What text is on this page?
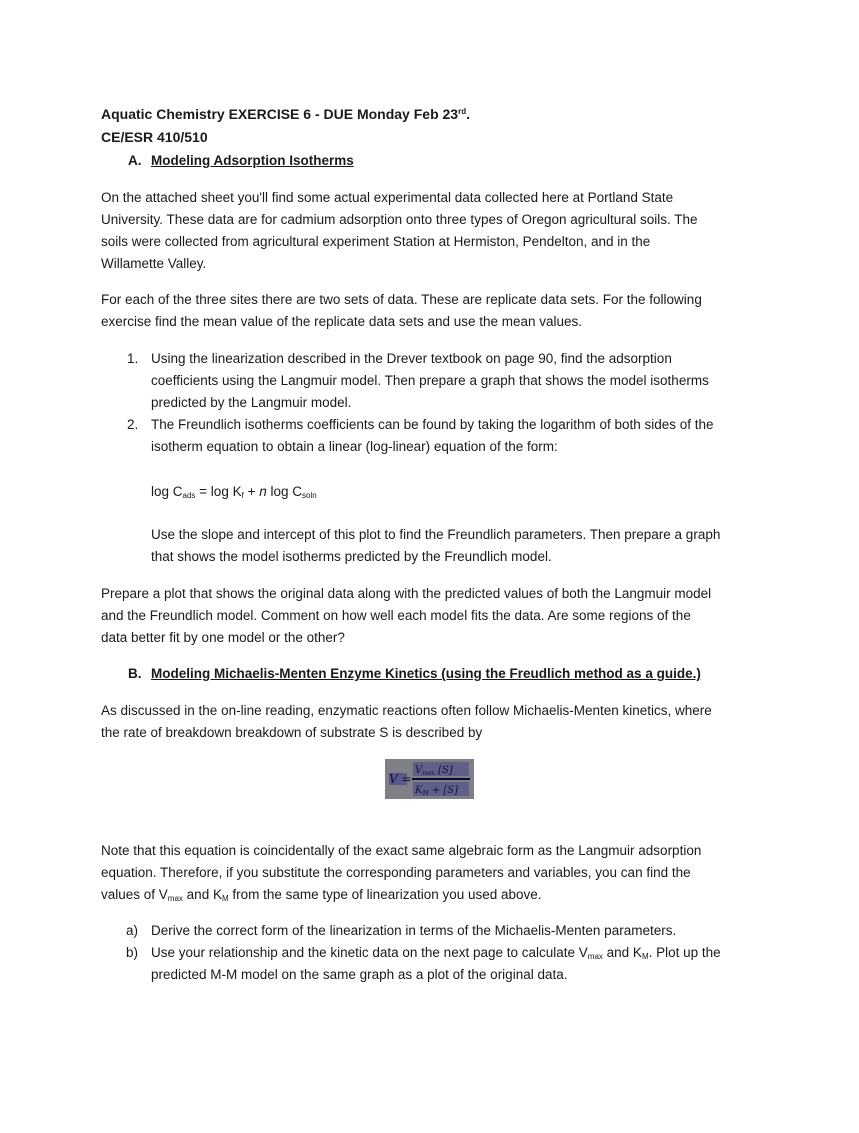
Aquatic Chemistry EXERCISE 6 - DUE Monday Feb 23rd.
CE/ESR 410/510
A. Modeling Adsorption Isotherms
On the attached sheet you'll find some actual experimental data collected here at Portland State
University. These data are for cadmium adsorption onto three types of Oregon agricultural soils. The
soils were collected from agricultural experiment Station at Hermiston, Pendelton, and in the
Willamette Valley.
For each of the three sites there are two sets of data. These are replicate data sets. For the following
exercise find the mean value of the replicate data sets and use the mean values.
1. Using the linearization described in the Drever textbook on page 90, find the adsorption
coefficients using the Langmuir model. Then prepare a graph that shows the model isotherms
predicted by the Langmuir model.
2. The Freundlich isotherms coefficients can be found by taking the logarithm of both sides of the
isotherm equation to obtain a linear (log-linear) equation of the form:
$\log C_{ads} = \log K_f + n$ $\log C_{soln}$
Use the slope and intercept of this plot to find the Freundlich parameters. Then prepare a graph
that shows the model isotherms predicted by the Freundlich model.
Prepare a plot that shows the original data along with the predicted values of both the Langmuir model
and the Freundlich model. Comment on how well each model fits the data. Are some regions of the
data better fit by one model or the other?
B. Modeling Michaelis-Menten Enzyme Kinetics (using the Freudlich method as a guide.)
As discussed in the on-line reading, enzymatic reactions often follow Michaelis-Menten kinetics, where
the rate of breakdown breakdown of substrate S is described by
V =
$V_{max}$ [S]
$K_M + [S]$
Note that this equation is coincidentally of the exact same algebraic form as the Langmuir adsorption
equation. Therefore, if you substitute the corresponding parameters and variables, you can find the
values of $V_{max}$ and $K_M$ from the same type of linearization you used above.
a) Derive the correct form of the linearization in terms of the Michaelis-Menten parameters.
b) Use your relationship and the kinetic data on the next page to calculate $V_{max}$ and $K_M$. Plot up the
predicted M-M model on the same graph as a plot of the original data.
